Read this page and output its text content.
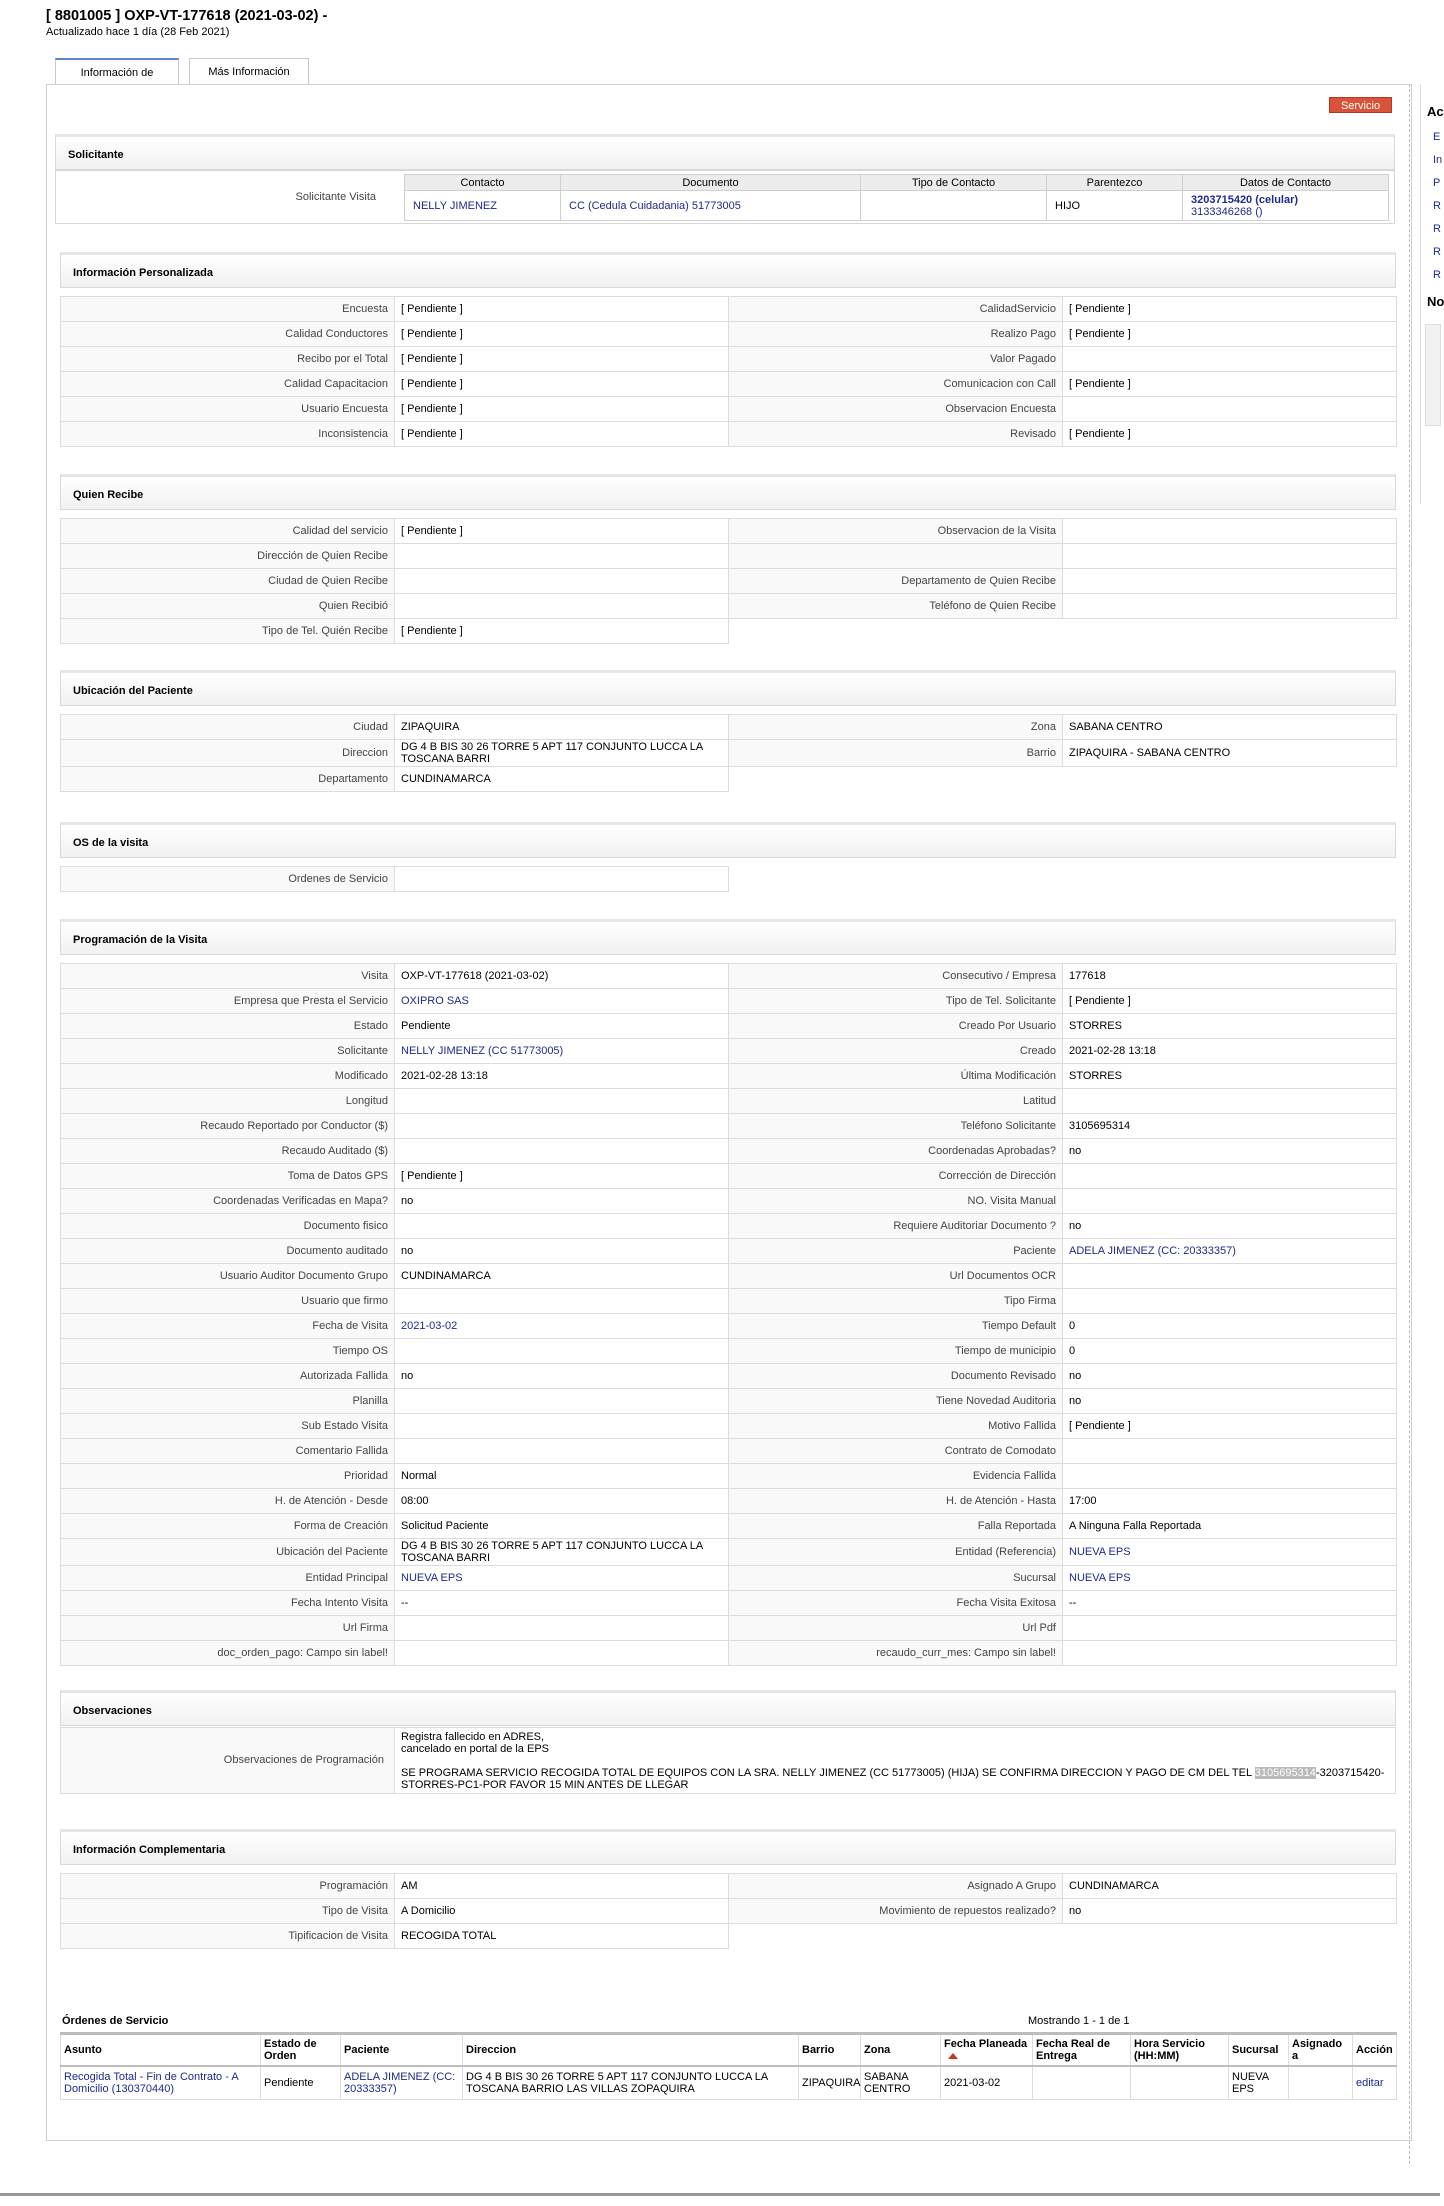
[ 8801005 ] OXP-VT-177618 (2021-03-02) -
Actualizado hace 1 día (28 Feb 2021)
Información de	Más Información
Ac
E
In
P
R
R
R
R
No
Servicio
Solicitante
Solicitante Visita
Contacto	Documento	Tipo de Contacto	Parentezco	Datos de Contacto
NELLY JIMENEZ	CC (Cedula Cuidadania) 51773005		HIJO	3203715420 (celular)
3133346268 ()
Información Personalizada
Encuesta	[ Pendiente ]	CalidadServicio	[ Pendiente ]
Calidad Conductores	[ Pendiente ]	Realizo Pago	[ Pendiente ]
Recibo por el Total	[ Pendiente ]	Valor Pagado	
Calidad Capacitacion	[ Pendiente ]	Comunicacion con Call	[ Pendiente ]
Usuario Encuesta	[ Pendiente ]	Observacion Encuesta	
Inconsistencia	[ Pendiente ]	Revisado	[ Pendiente ]
Quien Recibe
Calidad del servicio	[ Pendiente ]	Observacion de la Visita	
Dirección de Quien Recibe			
Ciudad de Quien Recibe		Departamento de Quien Recibe	
Quien Recibió		Teléfono de Quien Recibe	
Tipo de Tel. Quién Recibe	[ Pendiente ]		
Ubicación del Paciente
Ciudad	ZIPAQUIRA	Zona	SABANA CENTRO
Direccion	DG 4 B BIS 30 26 TORRE 5 APT 117 CONJUNTO LUCCA LA TOSCANA BARRI	Barrio	ZIPAQUIRA - SABANA CENTRO
Departamento	CUNDINAMARCA		
OS de la visita
Ordenes de Servicio			
Programación de la Visita
Visita	OXP-VT-177618 (2021-03-02)	Consecutivo / Empresa	177618
Empresa que Presta el Servicio	OXIPRO SAS	Tipo de Tel. Solicitante	[ Pendiente ]
Estado	Pendiente	Creado Por Usuario	STORRES
Solicitante	NELLY JIMENEZ (CC 51773005)	Creado	2021-02-28 13:18
Modificado	2021-02-28 13:18	Última Modificación	STORRES
Longitud		Latitud	
Recaudo Reportado por Conductor ($)		Teléfono Solicitante	3105695314
Recaudo Auditado ($)		Coordenadas Aprobadas?	no
Toma de Datos GPS	[ Pendiente ]	Corrección de Dirección	
Coordenadas Verificadas en Mapa?	no	NO. Visita Manual	
Documento fisico		Requiere Auditoriar Documento ?	no
Documento auditado	no	Paciente	ADELA JIMENEZ (CC: 20333357)
Usuario Auditor Documento Grupo	CUNDINAMARCA	Url Documentos OCR	
Usuario que firmo		Tipo Firma	
Fecha de Visita	2021-03-02	Tiempo Default	0
Tiempo OS		Tiempo de municipio	0
Autorizada Fallida	no	Documento Revisado	no
Planilla		Tiene Novedad Auditoria	no
Sub Estado Visita		Motivo Fallida	[ Pendiente ]
Comentario Fallida		Contrato de Comodato	
Prioridad	Normal	Evidencia Fallida	
H. de Atención - Desde	08:00	H. de Atención - Hasta	17:00
Forma de Creación	Solicitud Paciente	Falla Reportada	A Ninguna Falla Reportada
Ubicación del Paciente	DG 4 B BIS 30 26 TORRE 5 APT 117 CONJUNTO LUCCA LA TOSCANA BARRI	Entidad (Referencia)	NUEVA EPS
Entidad Principal	NUEVA EPS	Sucursal	NUEVA EPS
Fecha Intento Visita	--	Fecha Visita Exitosa	--
Url Firma		Url Pdf	
doc_orden_pago: Campo sin label!		recaudo_curr_mes: Campo sin label!	
Observaciones
Observaciones de Programación
Registra fallecido en ADRES,
cancelado en portal de la EPS
SE PROGRAMA SERVICIO RECOGIDA TOTAL DE EQUIPOS CON LA SRA. NELLY JIMENEZ (CC 51773005) (HIJA) SE CONFIRMA DIRECCION Y PAGO DE CM DEL TEL 3105695314-3203715420-STORRES-PC1-POR FAVOR 15 MIN ANTES DE LLEGAR
Información Complementaria
Programación	AM	Asignado A Grupo	CUNDINAMARCA
Tipo de Visita	A Domicilio	Movimiento de repuestos realizado?	no
Tipificacion de Visita	RECOGIDA TOTAL		
Órdenes de Servicio	Mostrando 1 - 1 de 1
Asunto	Estado de Orden	Paciente	Direccion	Barrio	Zona	Fecha Planeada	Fecha Real de Entrega	Hora Servicio (HH:MM)	Sucursal	Asignado a	Acción
Recogida Total - Fin de Contrato - A Domicilio (130370440)	Pendiente	ADELA JIMENEZ (CC: 20333357)	DG 4 B BIS 30 26 TORRE 5 APT 117 CONJUNTO LUCCA LA TOSCANA BARRIO LAS VILLAS ZOPAQUIRA	ZIPAQUIRA	SABANA CENTRO	2021-03-02			NUEVA EPS		editar
